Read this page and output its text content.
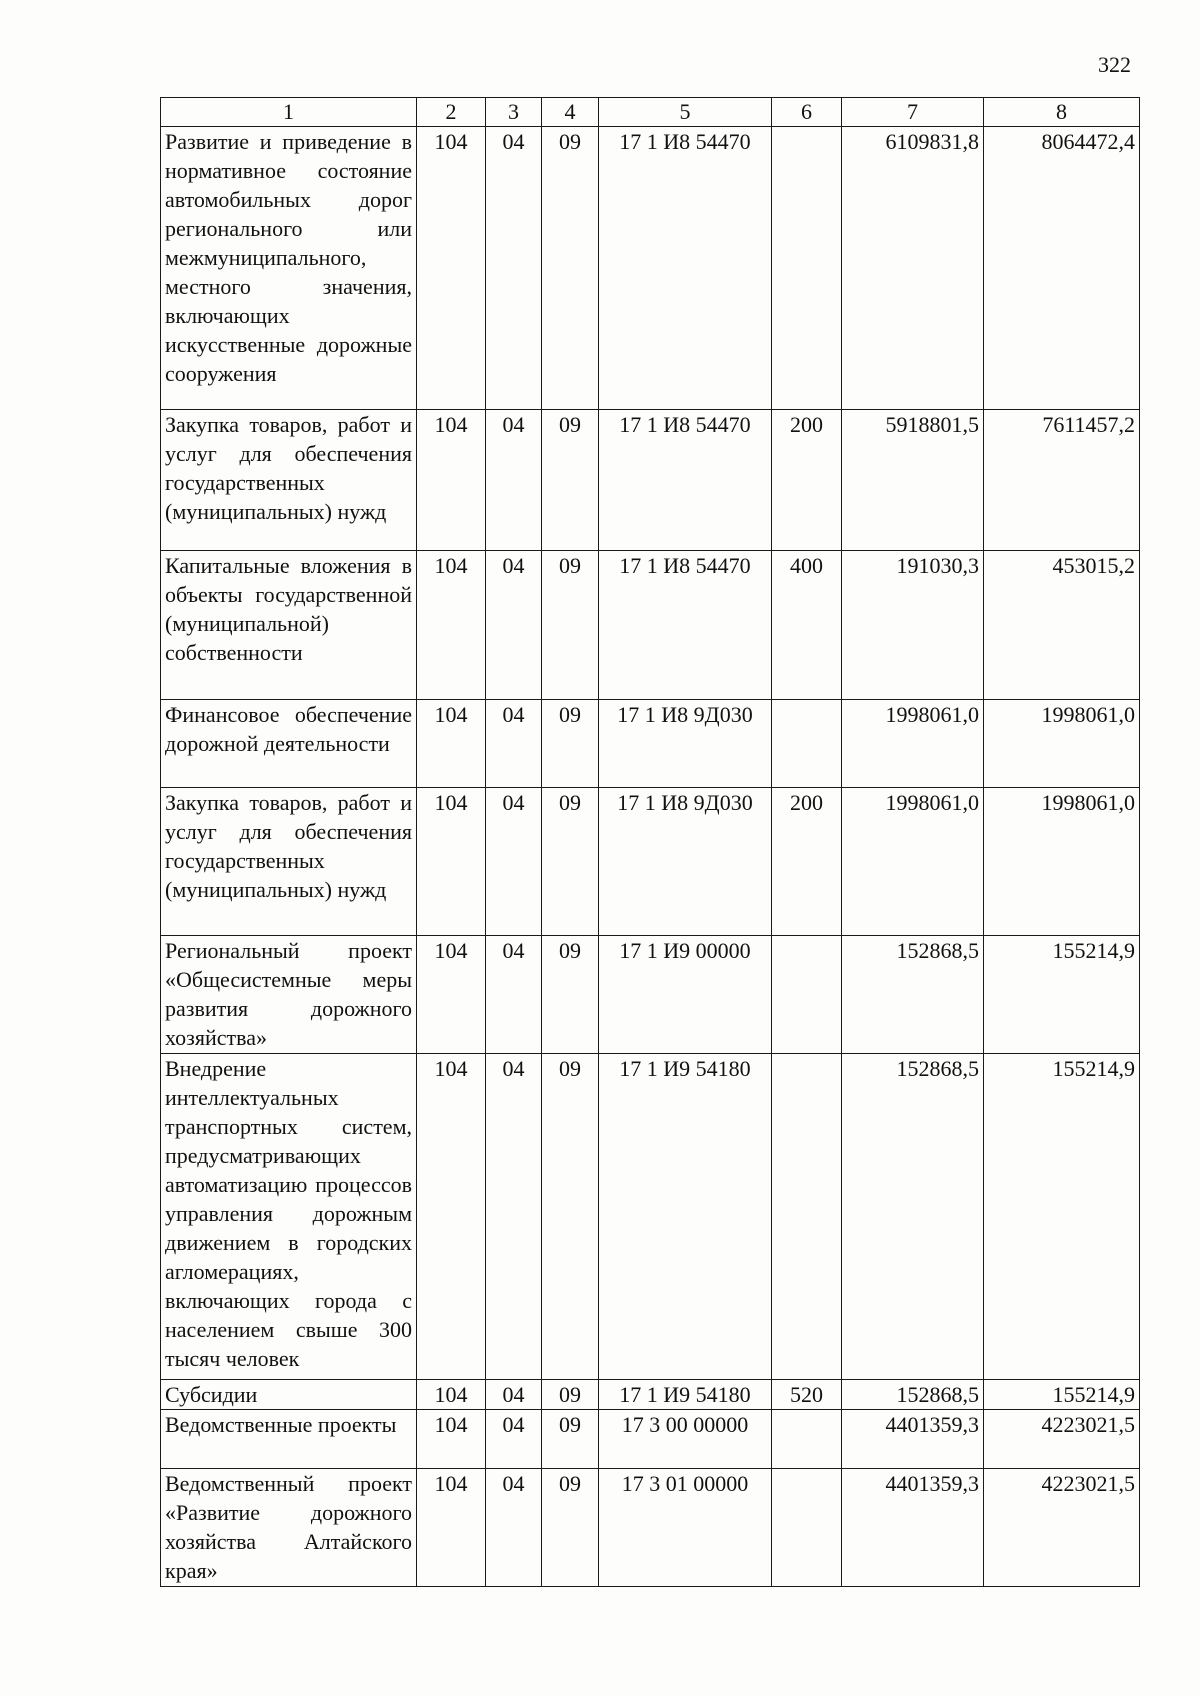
322
1	2	3	4	5	6	7	8
Развитие и приведение в нормативное состояние автомобильных дорог регионального или межмуниципального, местного значения, включающих искусственные дорожные сооружения	104	04	09	17 1 И8 54470		6109831,8	8064472,4
Закупка товаров, работ и услуг для обеспечения государственных (муниципальных) нужд	104	04	09	17 1 И8 54470	200	5918801,5	7611457,2
Капитальные вложения в объекты государственной (муниципальной) собственности	104	04	09	17 1 И8 54470	400	191030,3	453015,2
Финансовое обеспечение дорожной деятельности	104	04	09	17 1 И8 9Д030		1998061,0	1998061,0
Закупка товаров, работ и услуг для обеспечения государственных (муниципальных) нужд	104	04	09	17 1 И8 9Д030	200	1998061,0	1998061,0
Региональный проект «Общесистемные меры развития дорожного хозяйства»	104	04	09	17 1 И9 00000		152868,5	155214,9
Внедрение интеллектуальных транспортных систем, предусматривающих автоматизацию процессов управления дорожным движением в городских агломерациях, включающих города с населением свыше 300 тысяч человек	104	04	09	17 1 И9 54180		152868,5	155214,9
Субсидии	104	04	09	17 1 И9 54180	520	152868,5	155214,9
Ведомственные проекты	104	04	09	17 3 00 00000		4401359,3	4223021,5
Ведомственный проект «Развитие дорожного хозяйства Алтайского края»	104	04	09	17 3 01 00000		4401359,3	4223021,5
